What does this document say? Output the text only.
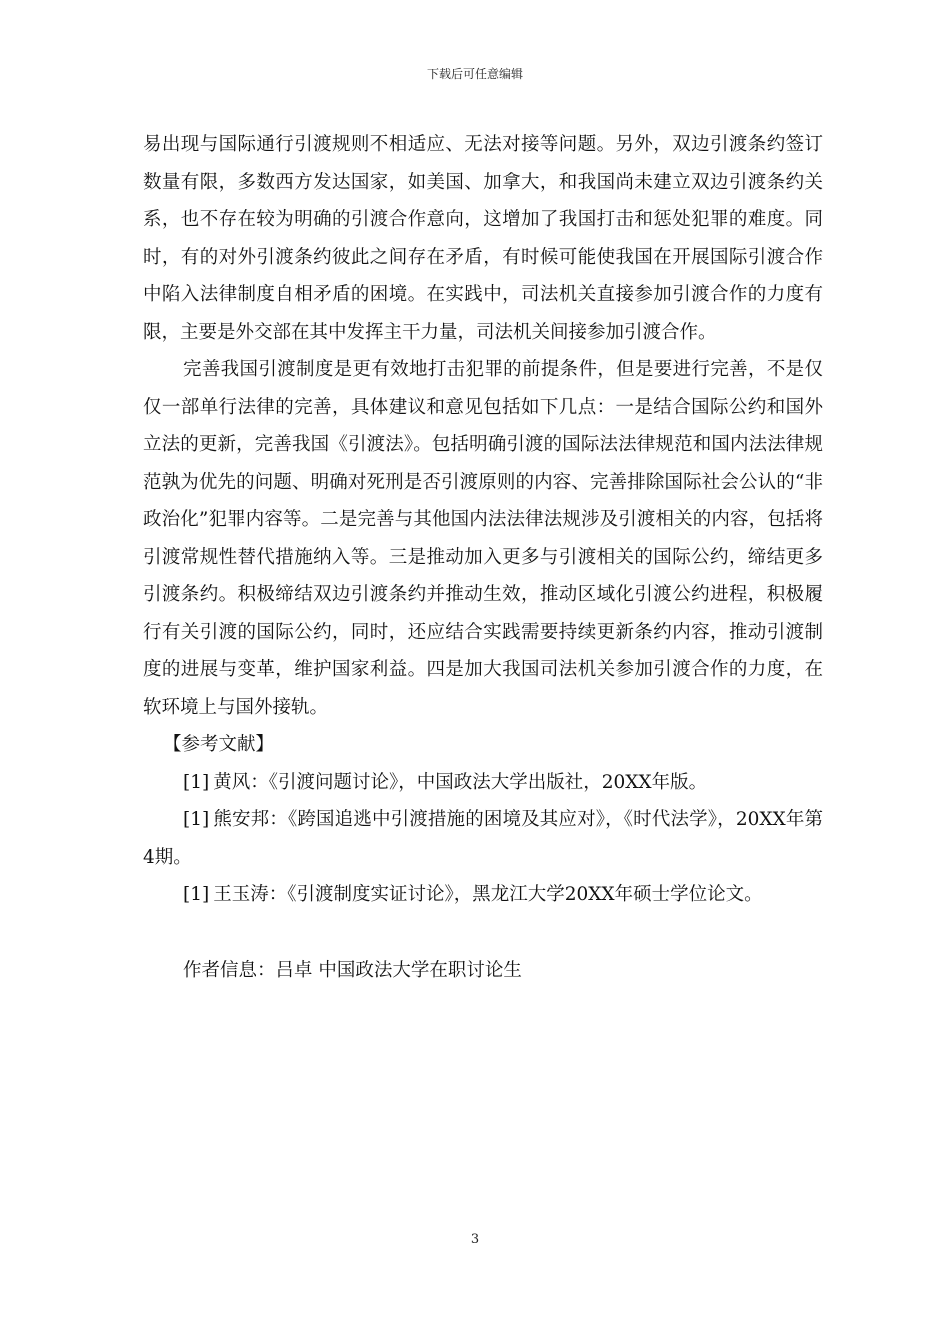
下载后可任意编辑

易出现与国际通行引渡规则不相适应、无法对接等问题。另外，双边引渡条约签订数量有限，多数西方发达国家，如美国、加拿大，和我国尚未建立双边引渡条约关系，也不存在较为明确的引渡合作意向，这增加了我国打击和惩处犯罪的难度。同时，有的对外引渡条约彼此之间存在矛盾，有时候可能使我国在开展国际引渡合作中陷入法律制度自相矛盾的困境。在实践中，司法机关直接参加引渡合作的力度有限，主要是外交部在其中发挥主干力量，司法机关间接参加引渡合作。

完善我国引渡制度是更有效地打击犯罪的前提条件，但是要进行完善，不是仅仅一部单行法律的完善，具体建议和意见包括如下几点：一是结合国际公约和国外立法的更新，完善我国《引渡法》。包括明确引渡的国际法法律规范和国内法法律规范孰为优先的问题、明确对死刑是否引渡原则的内容、完善排除国际社会公认的“非政治化”犯罪内容等。二是完善与其他国内法法律法规涉及引渡相关的内容，包括将引渡常规性替代措施纳入等。三是推动加入更多与引渡相关的国际公约，缔结更多引渡条约。积极缔结双边引渡条约并推动生效，推动区域化引渡公约进程，积极履行有关引渡的国际公约，同时，还应结合实践需要持续更新条约内容，推动引渡制度的进展与变革，维护国家利益。四是加大我国司法机关参加引渡合作的力度，在软环境上与国外接轨。

【参考文献】

[1] 黄风：《引渡问题讨论》，中国政法大学出版社，20XX年版。

[1] 熊安邦：《跨国追逃中引渡措施的困境及其应对》，《时代法学》，20XX年第4期。

[1] 王玉涛：《引渡制度实证讨论》，黑龙江大学20XX年硕士学位论文。

作者信息：吕卓 中国政法大学在职讨论生

3
